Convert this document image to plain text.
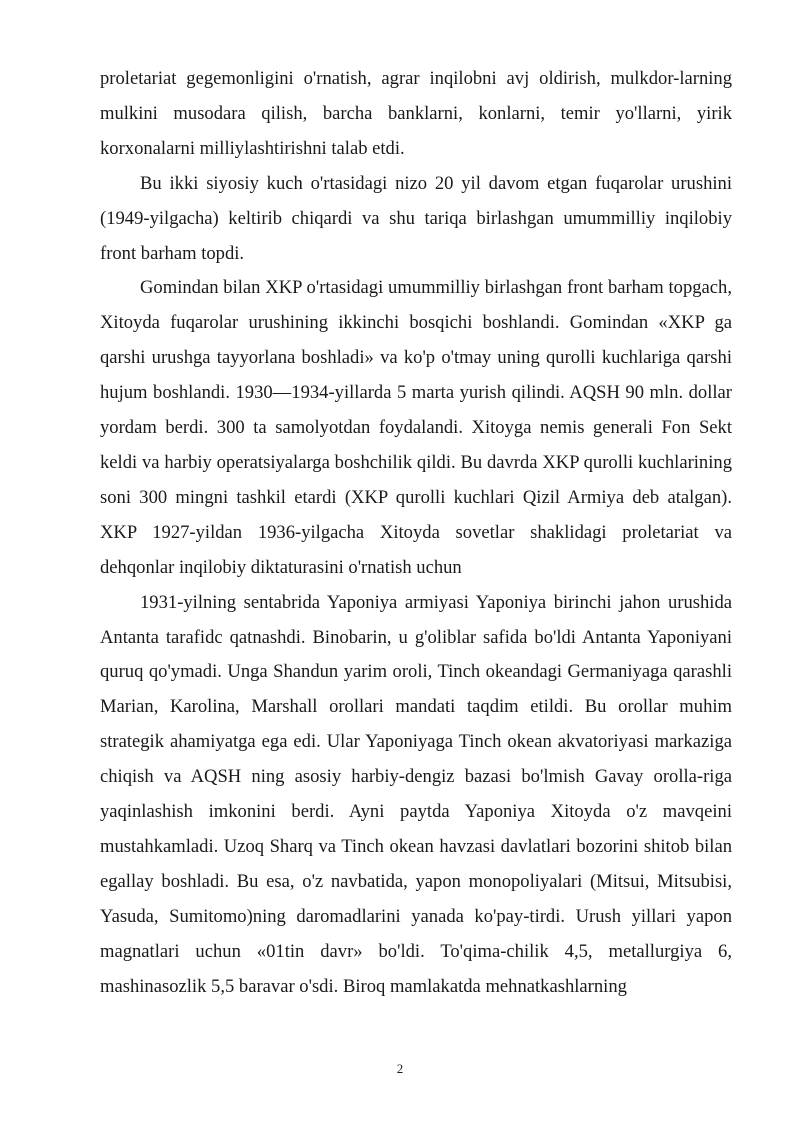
proletariat gegemonligini o'rnatish, agrar inqilobni avj oldirish, mulkdor-larning mulkini musodara qilish, barcha banklarni, konlarni, temir yo'llarni, yirik korxonalarni milliylashtirishni talab etdi.

Bu ikki siyosiy kuch o'rtasidagi nizo 20 yil davom etgan fuqarolar urushini (1949-yilgacha) keltirib chiqardi va shu tariqa birlashgan umummilliy inqilobiy front barham topdi.

Gomindan bilan XKP o'rtasidagi umummilliy birlashgan front barham topgach, Xitoyda fuqarolar urushining ikkinchi bosqichi boshlandi. Gomindan «XKP ga qarshi urushga tayyorlana boshladi» va ko'p o'tmay uning qurolli kuchlariga qarshi hujum boshlandi. 1930—1934-yillarda 5 marta yurish qilindi. AQSH 90 mln. dollar yordam berdi. 300 ta samolyotdan foydalandi. Xitoyga nemis generali Fon Sekt keldi va harbiy operatsiyalarga boshchilik qildi. Bu davrda XKP qurolli kuchlarining soni 300 mingni tashkil etardi (XKP qurolli kuchlari Qizil Armiya deb atalgan). XKP 1927-yildan 1936-yilgacha Xitoyda sovetlar shaklidagi proletariat va dehqonlar inqilobiy diktaturasini o'rnatish uchun

1931-yilning sentabrida Yaponiya armiyasi Yaponiya birinchi jahon urushida Antanta tarafidc qatnashdi. Binobarin, u g'oliblar safida bo'ldi Antanta Yaponiyani quruq qo'ymadi. Unga Shandun yarim oroli, Tinch okeandagi Germaniyaga qarashli Marian, Karolina, Marshall orollari mandati taqdim etildi. Bu orollar muhim strategik ahamiyatga ega edi. Ular Yaponiyaga Tinch okean akvatoriyasi markaziga chiqish va AQSH ning asosiy harbiy-dengiz bazasi bo'lmish Gavay orolla-riga yaqinlashish imkonini berdi. Ayni paytda Yaponiya Xitoyda o'z mavqeini mustahkamladi. Uzoq Sharq va Tinch okean havzasi davlatlari bozorini shitob bilan egallay boshladi. Bu esa, o'z navbatida, yapon monopoliyalari (Mitsui, Mitsubisi, Yasuda, Sumitomo)ning daromadlarini yanada ko'pay-tirdi. Urush yillari yapon magnatlari uchun «01tin davr» bo'ldi. To'qima-chilik 4,5, metallurgiya 6, mashinasozlik 5,5 baravar o'sdi. Biroq mamlakatda mehnatkashlarning

2
